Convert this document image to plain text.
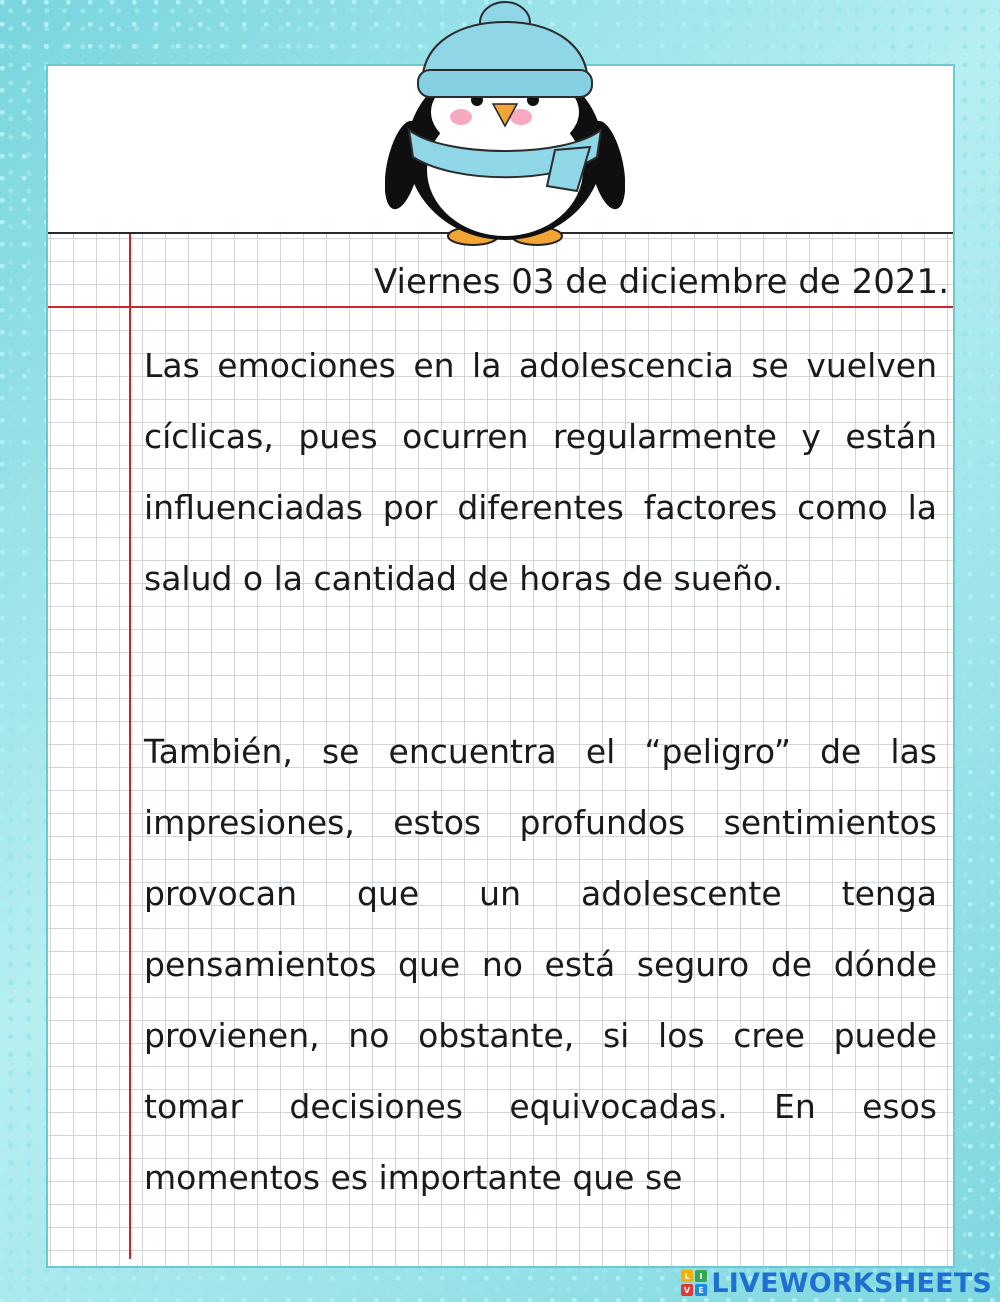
Viernes 03 de diciembre de 2021.

Las emociones en la adolescencia se vuelven cíclicas, pues ocurren regularmente y están influenciadas por diferentes factores como la salud o la cantidad de horas de sueño.

También, se encuentra el “peligro” de las impresiones, estos profundos sentimientos provocan que un adolescente tenga pensamientos que no está seguro de dónde provienen, no obstante, si los cree puede tomar decisiones equivocadas. En esos momentos es importante que se

L I
V E LIVEWORKSHEETS
